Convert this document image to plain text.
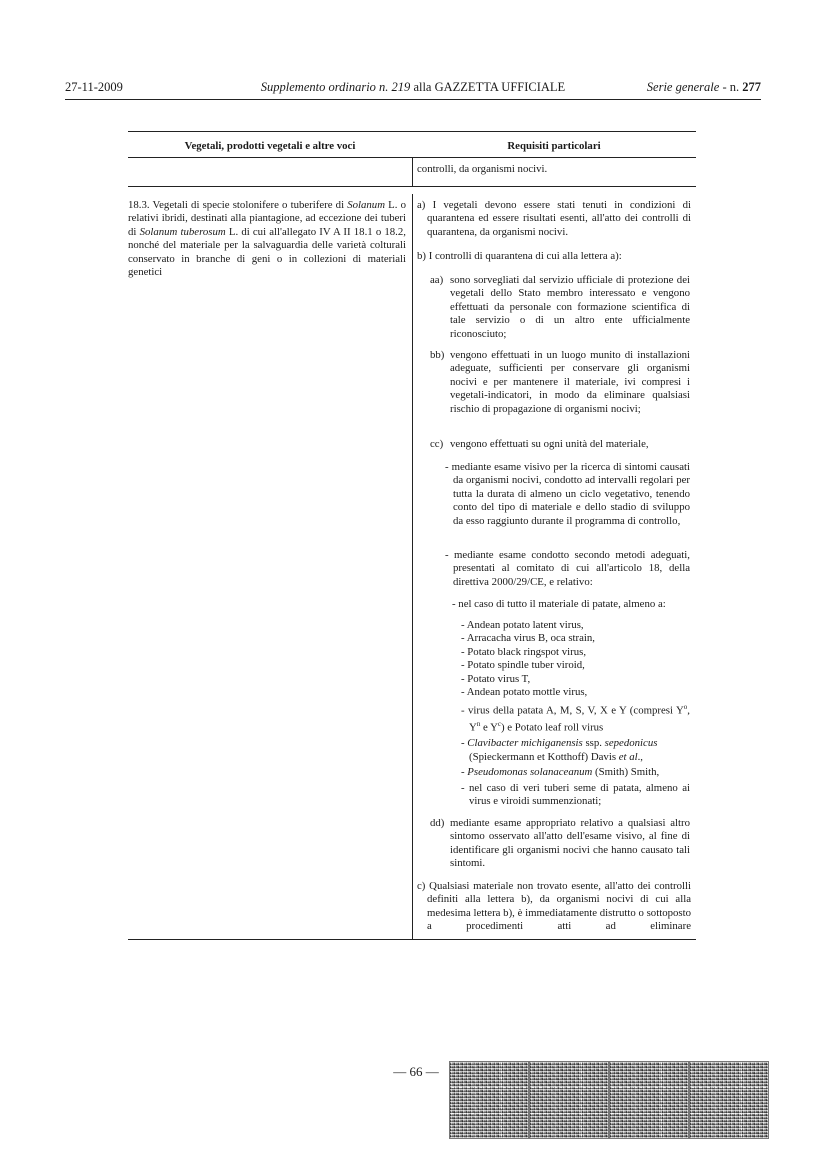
27-11-2009	Supplemento ordinario n. 219 alla GAZZETTA UFFICIALE	Serie generale - n. 277
Vegetali, prodotti vegetali e altre voci	Requisiti particolari
controlli, da organismi nocivi.
18.3. Vegetali di specie stolonifere o tuberifere di Solanum L. o relativi ibridi, destinati alla piantagione, ad eccezione dei tuberi di Solanum tuberosum L. di cui all'allegato IV A II 18.1 o 18.2, nonché del materiale per la salvaguardia delle varietà colturali conservato in branche di geni o in collezioni di materiali genetici
a) I vegetali devono essere stati tenuti in condizioni di quarantena ed essere risultati esenti, all'atto dei controlli di quarantena, da organismi nocivi.
b) I controlli di quarantena di cui alla lettera a):
aa) sono sorvegliati dal servizio ufficiale di protezione dei vegetali dello Stato membro interessato e vengono effettuati da personale con formazione scientifica di tale servizio o di un altro ente ufficialmente riconosciuto;
bb) vengono effettuati in un luogo munito di installazioni adeguate, sufficienti per conservare gli organismi nocivi e per mantenere il materiale, ivi compresi i vegetali-indicatori, in modo da eliminare qualsiasi rischio di propagazione di organismi nocivi;
cc) vengono effettuati su ogni unità del materiale,
- mediante esame visivo per la ricerca di sintomi causati da organismi nocivi, condotto ad intervalli regolari per tutta la durata di almeno un ciclo vegetativo, tenendo conto del tipo di materiale e dello stadio di sviluppo da esso raggiunto durante il programma di controllo,
- mediante esame condotto secondo metodi adeguati, presentati al comitato di cui all'articolo 18, della direttiva 2000/29/CE, e relativo:
- nel caso di tutto il materiale di patate, almeno a:
- Andean potato latent virus,
- Arracacha virus B, oca strain,
- Potato black ringspot virus,
- Potato spindle tuber viroid,
- Potato virus T,
- Andean potato mottle virus,
- virus della patata A, M, S, V, X e Y (compresi $Y^o$, $Y^n$ e $Y^c$) e Potato leaf roll virus
- Clavibacter michiganensis ssp. sepedonicus (Spieckermann et Kotthoff) Davis et al.,
- Pseudomonas solanaceanum (Smith) Smith,
- nel caso di veri tuberi seme di patata, almeno ai virus e viroidi summenzionati;
dd) mediante esame appropriato relativo a qualsiasi altro sintomo osservato all'atto dell'esame visivo, al fine di identificare gli organismi nocivi che hanno causato tali sintomi.
c) Qualsiasi materiale non trovato esente, all'atto dei controlli definiti alla lettera b), da organismi nocivi di cui alla medesima lettera b), è immediatamente distrutto o sottoposto a procedimenti atti ad eliminare
— 66 —
